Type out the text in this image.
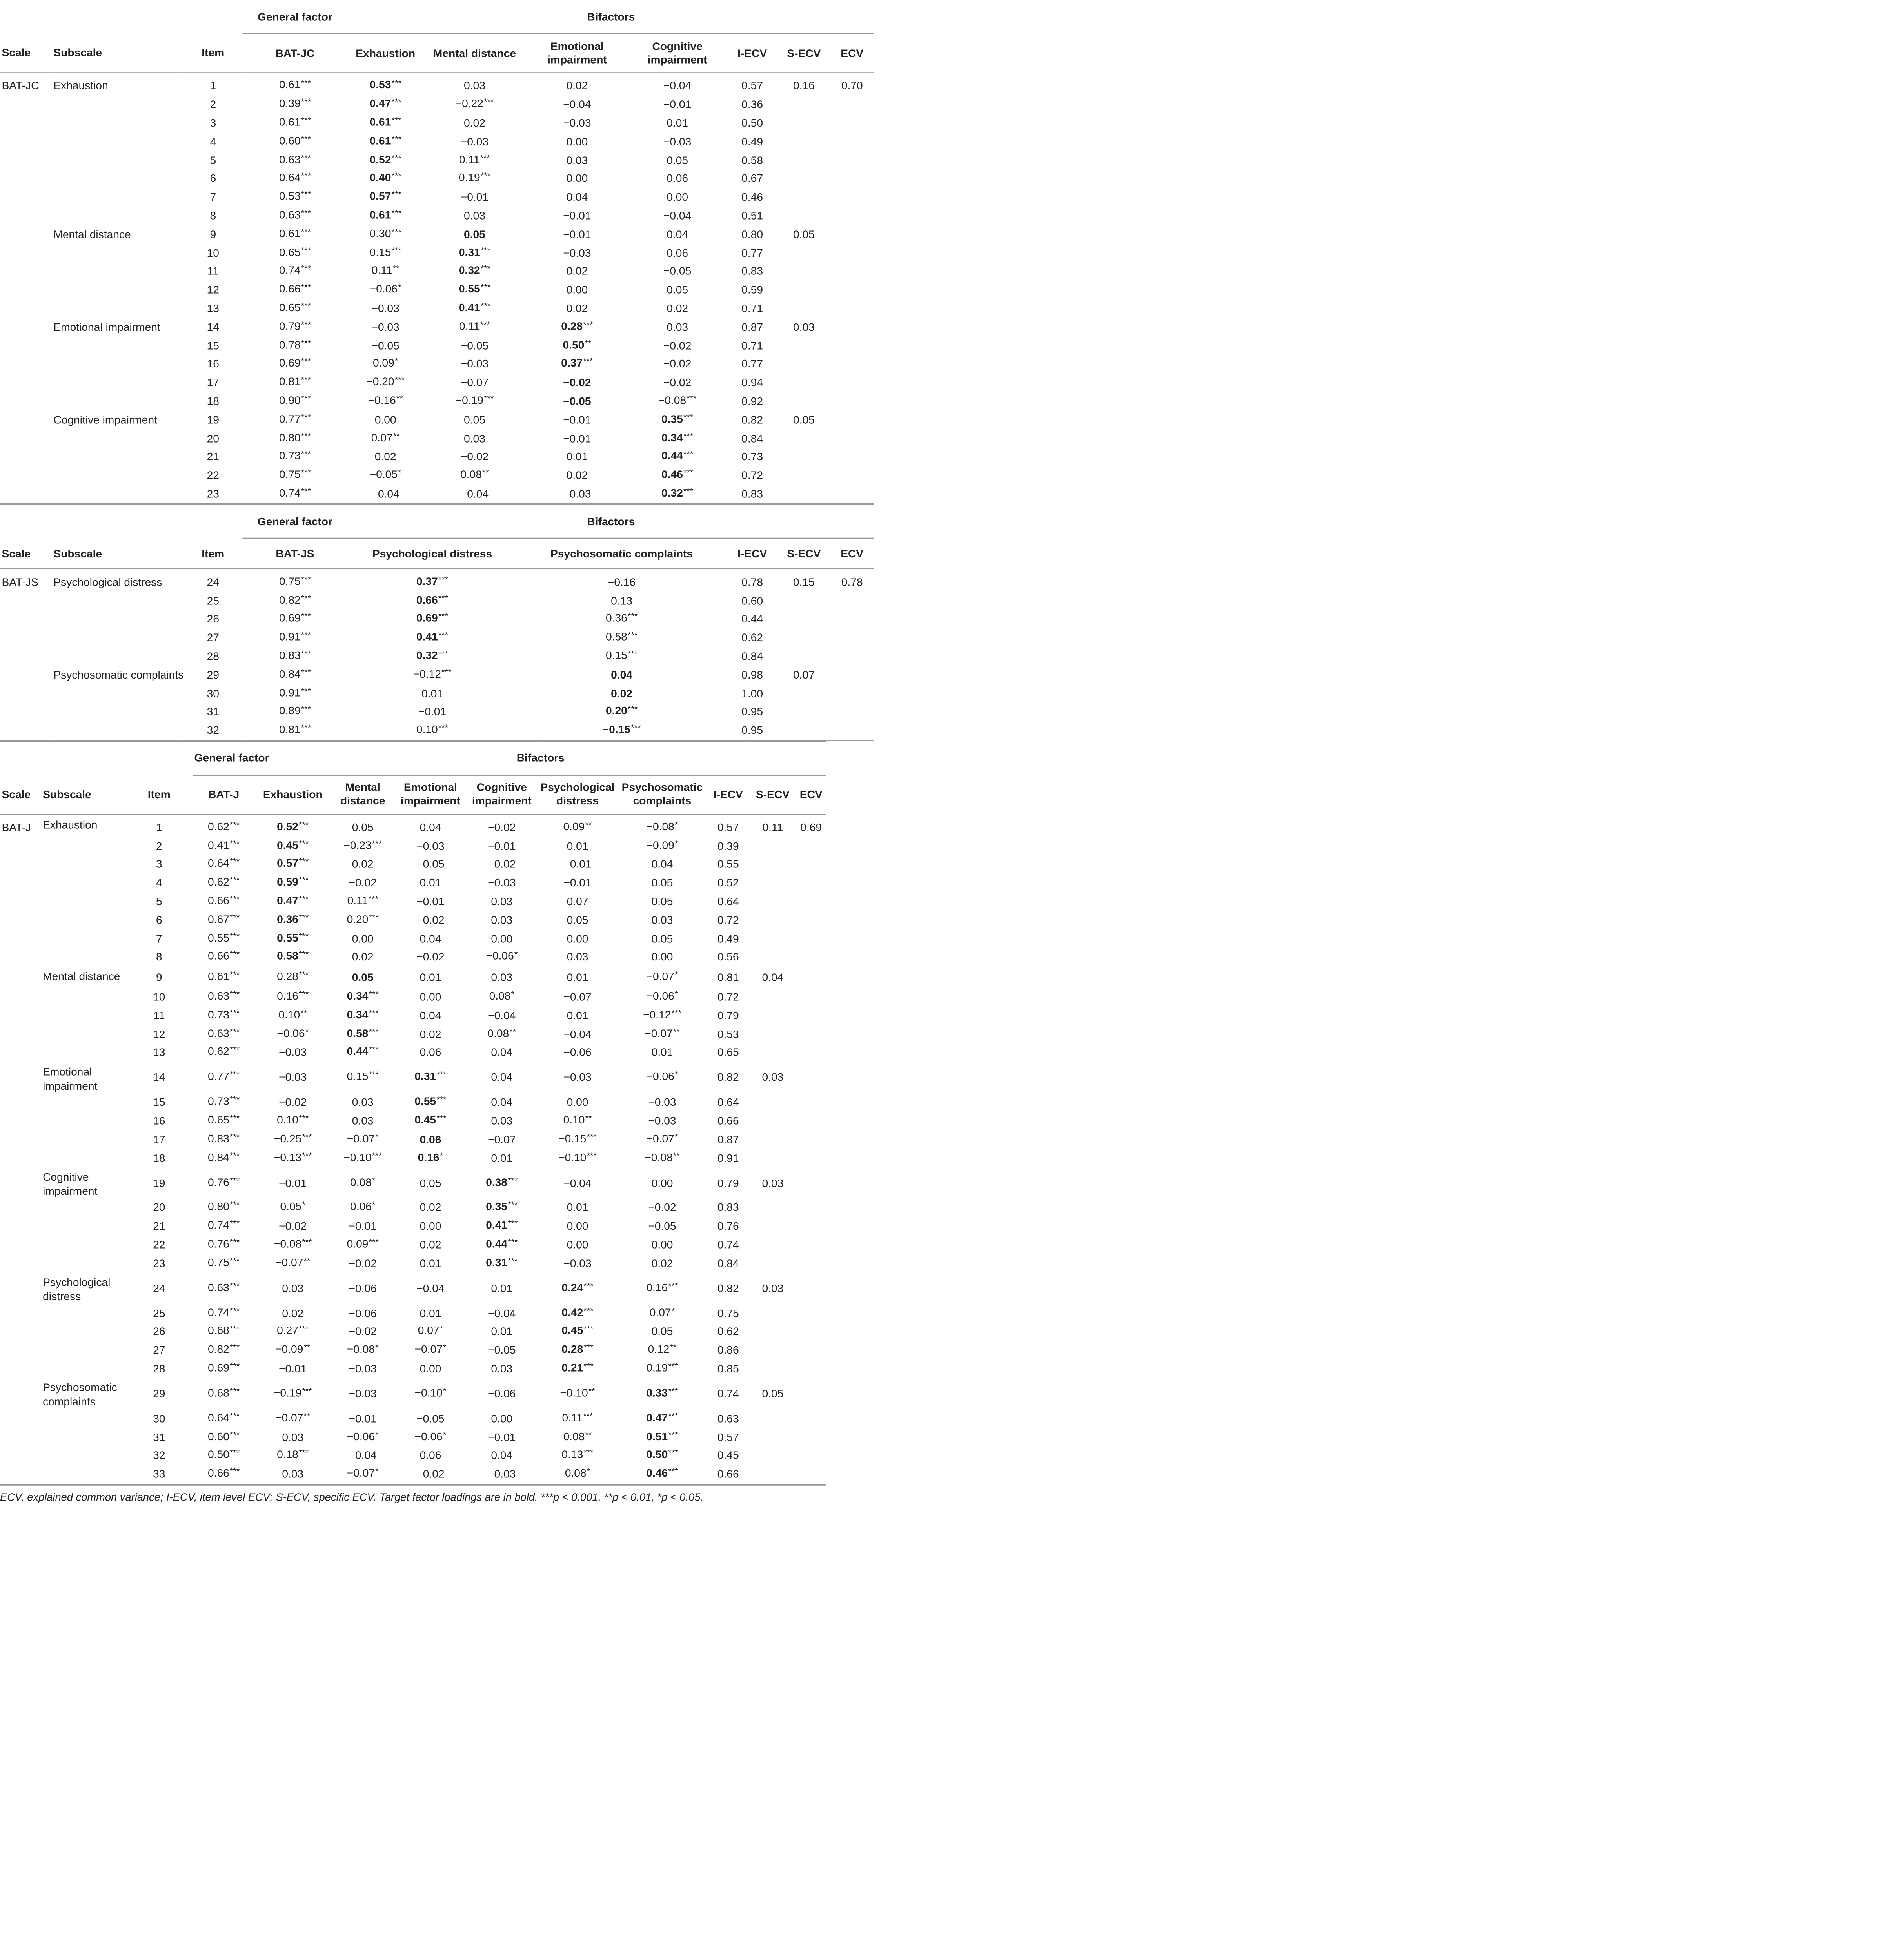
			General factor	Bifactors						
Scale	Subscale	Item	BAT-JC	Exhaustion	Mental distance	Emotional impairment	Cognitive impairment	I-ECV	S-ECV	ECV
BAT-JC	Exhaustion	1	0.61***	0.53***	0.03	0.02	−0.04	0.57	0.16	0.70
		2	0.39***	0.47***	−0.22***	−0.04	−0.01	0.36		
		3	0.61***	0.61***	0.02	−0.03	0.01	0.50		
		4	0.60***	0.61***	−0.03	0.00	−0.03	0.49		
		5	0.63***	0.52***	0.11***	0.03	0.05	0.58		
		6	0.64***	0.40***	0.19***	0.00	0.06	0.67		
		7	0.53***	0.57***	−0.01	0.04	0.00	0.46		
		8	0.63***	0.61***	0.03	−0.01	−0.04	0.51		
	Mental distance	9	0.61***	0.30***	0.05	−0.01	0.04	0.80	0.05	
		10	0.65***	0.15***	0.31***	−0.03	0.06	0.77		
		11	0.74***	0.11**	0.32***	0.02	−0.05	0.83		
		12	0.66***	−0.06*	0.55***	0.00	0.05	0.59		
		13	0.65***	−0.03	0.41***	0.02	0.02	0.71		
	Emotional impairment	14	0.79***	−0.03	0.11***	0.28***	0.03	0.87	0.03	
		15	0.78***	−0.05	−0.05	0.50**	−0.02	0.71		
		16	0.69***	0.09*	−0.03	0.37***	−0.02	0.77		
		17	0.81***	−0.20***	−0.07	−0.02	−0.02	0.94		
		18	0.90***	−0.16**	−0.19***	−0.05	−0.08***	0.92		
	Cognitive impairment	19	0.77***	0.00	0.05	−0.01	0.35***	0.82	0.05	
		20	0.80***	0.07**	0.03	−0.01	0.34***	0.84		
		21	0.73***	0.02	−0.02	0.01	0.44***	0.73		
		22	0.75***	−0.05*	0.08**	0.02	0.46***	0.72		
		23	0.74***	−0.04	−0.04	−0.03	0.32***	0.83		
			General factor	Bifactors				
Scale	Subscale	Item	BAT-JS	Psychological distress	Psychosomatic complaints	I-ECV	S-ECV	ECV
BAT-JS	Psychological distress	24	0.75***	0.37***	−0.16	0.78	0.15	0.78
		25	0.82***	0.66***	0.13	0.60		
		26	0.69***	0.69***	0.36***	0.44		
		27	0.91***	0.41***	0.58***	0.62		
		28	0.83***	0.32***	0.15***	0.84		
	Psychosomatic complaints	29	0.84***	−0.12***	0.04	0.98	0.07	
		30	0.91***	0.01	0.02	1.00		
		31	0.89***	−0.01	0.20***	0.95		
		32	0.81***	0.10***	−0.15***	0.95		
			General factor	Bifactors								
Scale	Subscale	Item	BAT-J	Exhaustion	Mental distance	Emotional impairment	Cognitive impairment	Psychological distress	Psychosomatic complaints	I-ECV	S-ECV	ECV
BAT-J	Exhaustion	1	0.62***	0.52***	0.05	0.04	−0.02	0.09**	−0.08*	0.57	0.11	0.69
		2	0.41***	0.45***	−0.23***	−0.03	−0.01	0.01	−0.09*	0.39		
		3	0.64***	0.57***	0.02	−0.05	−0.02	−0.01	0.04	0.55		
		4	0.62***	0.59***	−0.02	0.01	−0.03	−0.01	0.05	0.52		
		5	0.66***	0.47***	0.11***	−0.01	0.03	0.07	0.05	0.64		
		6	0.67***	0.36***	0.20***	−0.02	0.03	0.05	0.03	0.72		
		7	0.55***	0.55***	0.00	0.04	0.00	0.00	0.05	0.49		
		8	0.66***	0.58***	0.02	−0.02	−0.06*	0.03	0.00	0.56		
	Mental distance	9	0.61***	0.28***	0.05	0.01	0.03	0.01	−0.07*	0.81	0.04	
		10	0.63***	0.16***	0.34***	0.00	0.08*	−0.07	−0.06*	0.72		
		11	0.73***	0.10**	0.34***	0.04	−0.04	0.01	−0.12***	0.79		
		12	0.63***	−0.06*	0.58***	0.02	0.08**	−0.04	−0.07**	0.53		
		13	0.62***	−0.03	0.44***	0.06	0.04	−0.06	0.01	0.65		
	Emotional impairment	14	0.77***	−0.03	0.15***	0.31***	0.04	−0.03	−0.06*	0.82	0.03	
		15	0.73***	−0.02	0.03	0.55***	0.04	0.00	−0.03	0.64		
		16	0.65***	0.10***	0.03	0.45***	0.03	0.10**	−0.03	0.66		
		17	0.83***	−0.25***	−0.07*	0.06	−0.07	−0.15***	−0.07*	0.87		
		18	0.84***	−0.13***	−0.10***	0.16*	0.01	−0.10***	−0.08**	0.91		
	Cognitive impairment	19	0.76***	−0.01	0.08*	0.05	0.38***	−0.04	0.00	0.79	0.03	
		20	0.80***	0.05*	0.06*	0.02	0.35***	0.01	−0.02	0.83		
		21	0.74***	−0.02	−0.01	0.00	0.41***	0.00	−0.05	0.76		
		22	0.76***	−0.08***	0.09***	0.02	0.44***	0.00	0.00	0.74		
		23	0.75***	−0.07**	−0.02	0.01	0.31***	−0.03	0.02	0.84		
	Psychological distress	24	0.63***	0.03	−0.06	−0.04	0.01	0.24***	0.16***	0.82	0.03	
		25	0.74***	0.02	−0.06	0.01	−0.04	0.42***	0.07*	0.75		
		26	0.68***	0.27***	−0.02	0.07*	0.01	0.45***	0.05	0.62		
		27	0.82***	−0.09**	−0.08*	−0.07*	−0.05	0.28***	0.12**	0.86		
		28	0.69***	−0.01	−0.03	0.00	0.03	0.21***	0.19***	0.85		
	Psychosomatic complaints	29	0.68***	−0.19***	−0.03	−0.10*	−0.06	−0.10**	0.33***	0.74	0.05	
		30	0.64***	−0.07**	−0.01	−0.05	0.00	0.11***	0.47***	0.63		
		31	0.60***	0.03	−0.06*	−0.06*	−0.01	0.08**	0.51***	0.57		
		32	0.50***	0.18***	−0.04	0.06	0.04	0.13***	0.50***	0.45		
		33	0.66***	0.03	−0.07*	−0.02	−0.03	0.08*	0.46***	0.66		
ECV, explained common variance; I-ECV, item level ECV; S-ECV, specific ECV. Target factor loadings are in bold. ***p < 0.001, **p < 0.01, *p < 0.05.
